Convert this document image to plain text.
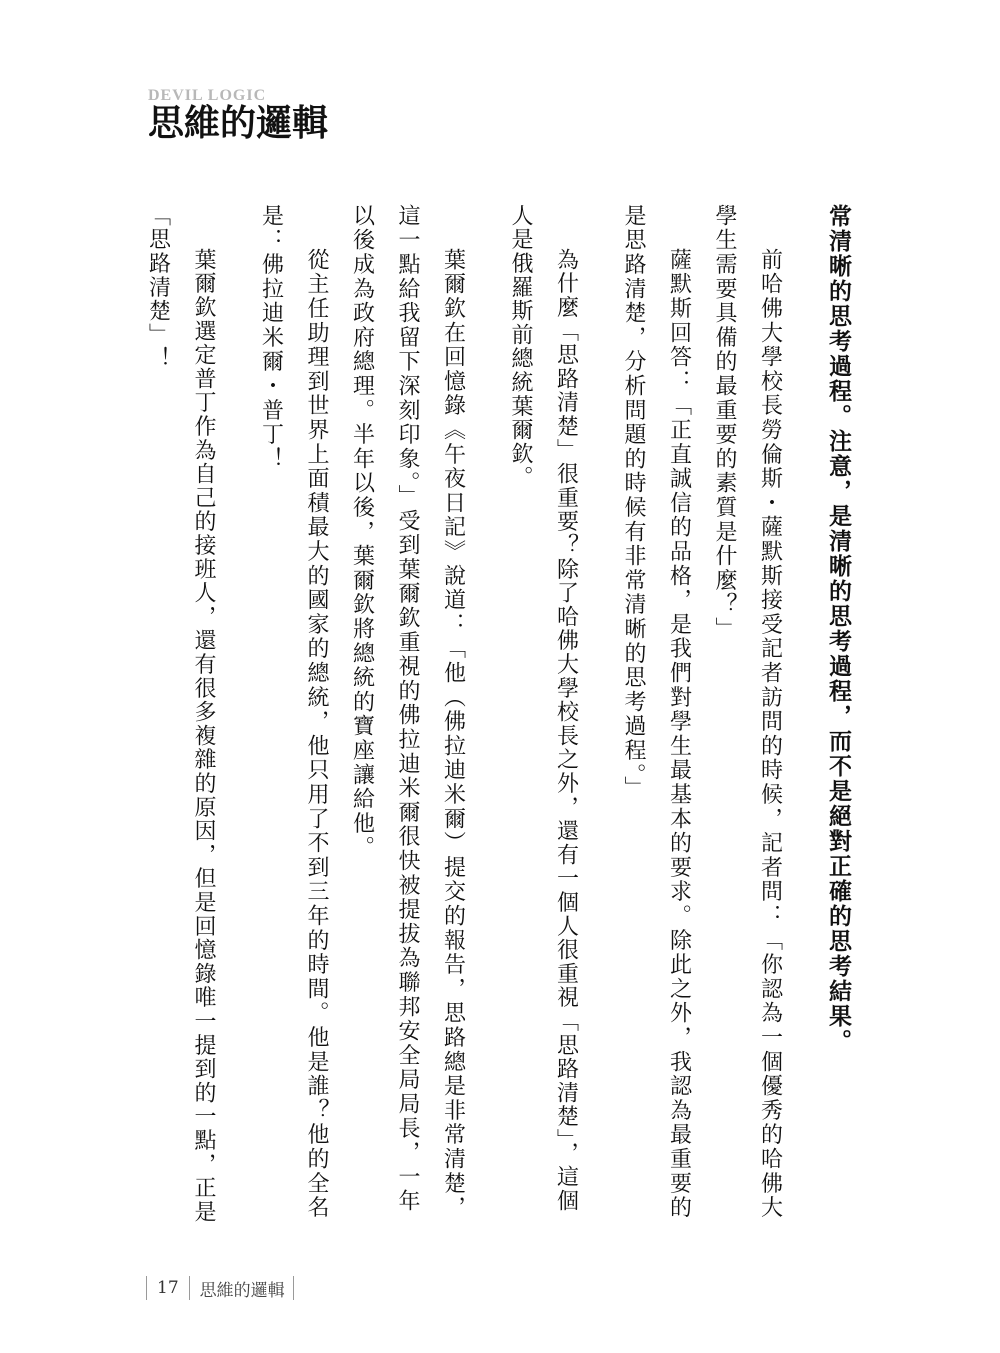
DEVIL LOGIC
思維的邏輯

常清晰的思考過程。注意，是清晰的思考過程，而不是絕對正確的思考結果。

前哈佛大學校長勞倫斯・薩默斯接受記者訪問的時候，記者問：「你認為一個優秀的哈佛大學生需要具備的最重要的素質是什麼？」

薩默斯回答：「正直誠信的品格，是我們對學生最基本的要求。除此之外，我認為最重要的是思路清楚，分析問題的時候有非常清晰的思考過程。」

為什麼「思路清楚」很重要？除了哈佛大學校長之外，還有一個人很重視「思路清楚」，這個人是俄羅斯前總統葉爾欽。

葉爾欽在回憶錄《午夜日記》說道：「他（佛拉迪米爾）提交的報告，思路總是非常清楚，這一點給我留下深刻印象。」受到葉爾欽重視的佛拉迪米爾很快被提拔為聯邦安全局局長，一年以後成為政府總理。半年以後，葉爾欽將總統的寶座讓給他。

從主任助理到世界上面積最大的國家的總統，他只用了不到三年的時間。他是誰？他的全名是：佛拉迪米爾・普丁！

葉爾欽選定普丁作為自己的接班人，還有很多複雜的原因，但是回憶錄唯一提到的一點，正是「思路清楚」！

17	思維的邏輯
